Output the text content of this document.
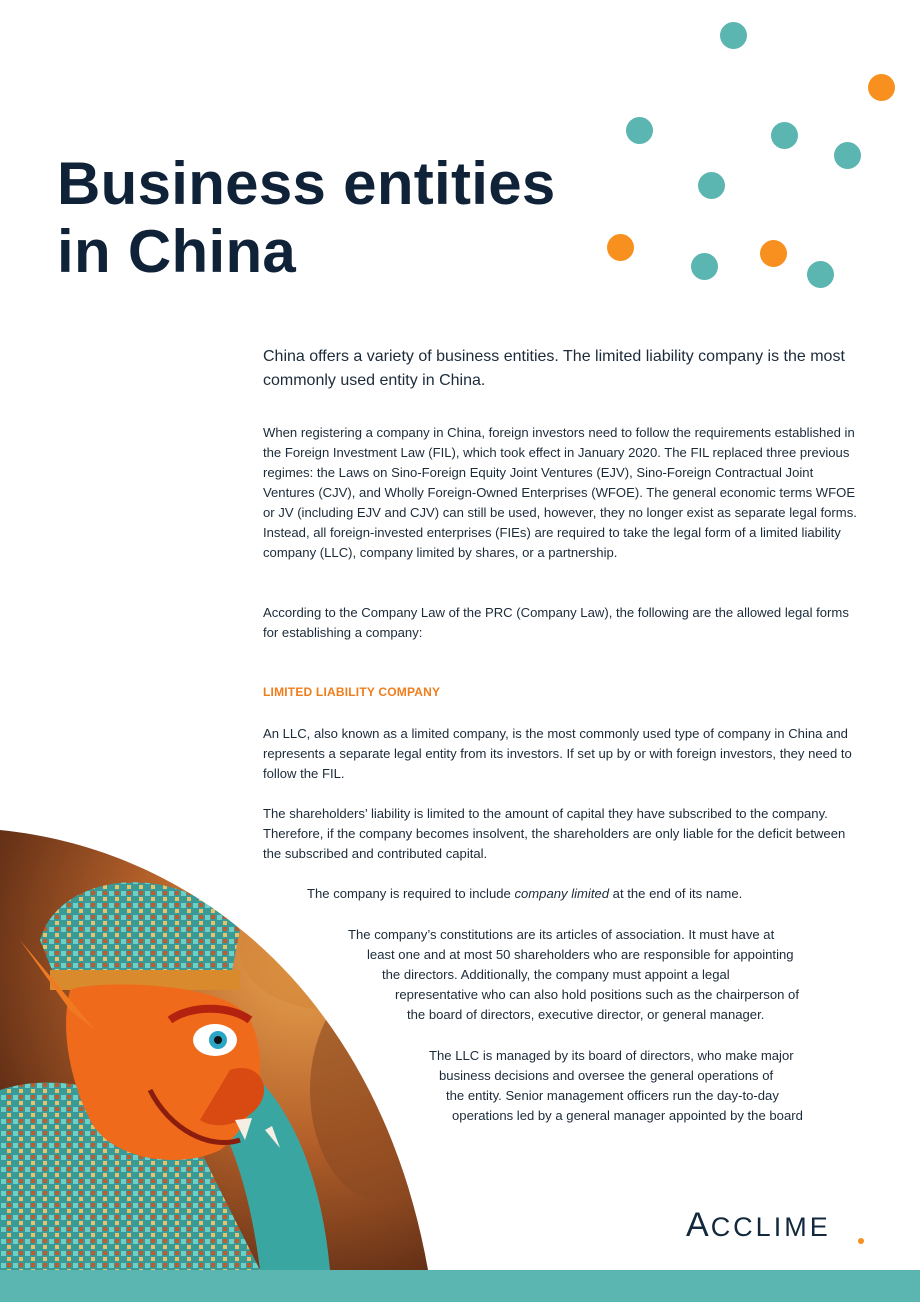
Business entities
in China

China offers a variety of business entities. The limited liability company is the most commonly used entity in China.

When registering a company in China, foreign investors need to follow the requirements established in the Foreign Investment Law (FIL), which took effect in January 2020. The FIL replaced three previous regimes: the Laws on Sino-Foreign Equity Joint Ventures (EJV), Sino-Foreign Contractual Joint Ventures (CJV), and Wholly Foreign-Owned Enterprises (WFOE). The general economic terms WFOE or JV (including EJV and CJV) can still be used, however, they no longer exist as separate legal forms. Instead, all foreign-invested enterprises (FIEs) are required to take the legal form of a limited liability company (LLC), company limited by shares, or a partnership.

According to the Company Law of the PRC (Company Law), the following are the allowed legal forms for establishing a company:

LIMITED LIABILITY COMPANY

An LLC, also known as a limited company, is the most commonly used type of company in China and represents a separate legal entity from its investors. If set up by or with foreign investors, they need to follow the FIL.

The shareholders’ liability is limited to the amount of capital they have subscribed to the company. Therefore, if the company becomes insolvent, the shareholders are only liable for the deficit between the subscribed and contributed capital.

The company is required to include company limited at the end of its name.

The company’s constitutions are its articles of association. It must have at

least one and at most 50 shareholders who are responsible for appointing

the directors. Additionally, the company must appoint a legal

representative who can also hold positions such as the chairperson of

the board of directors, executive director, or general manager.

The LLC is managed by its board of directors, who make major

business decisions and oversee the general operations of

the entity. Senior management officers run the day-to-day

operations led by a general manager appointed by the board

ACCLIME
